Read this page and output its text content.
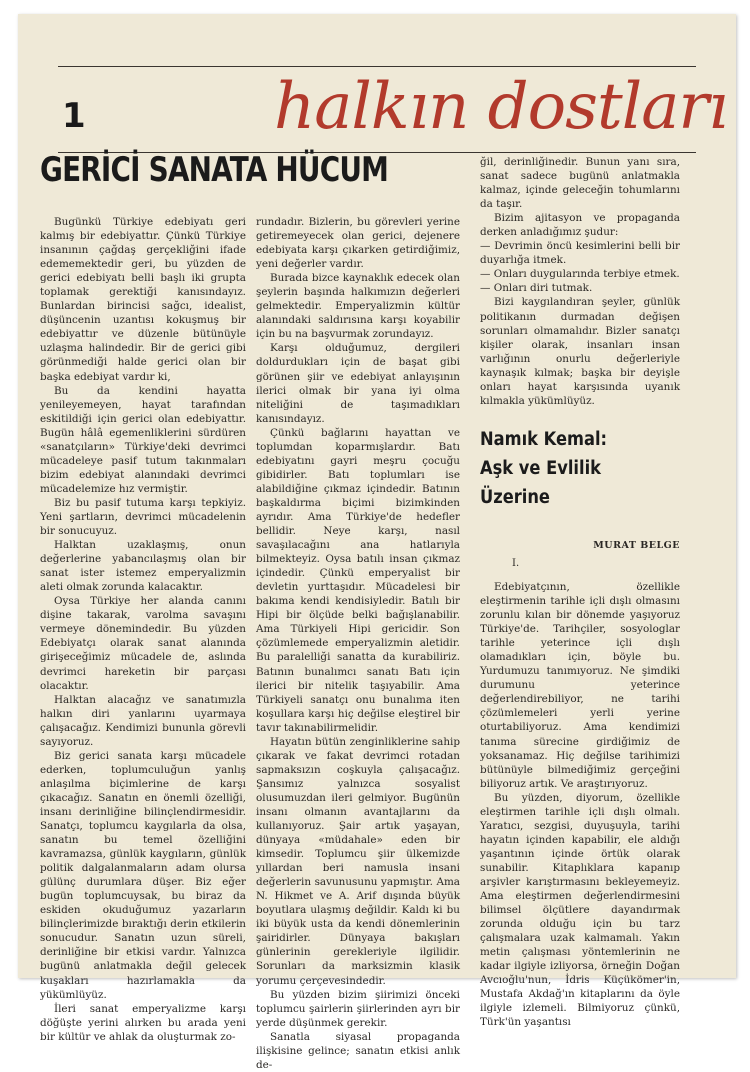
1	halkın dostları
GERİCİ SANATA HÜCUM

Bugünkü Türkiye edebiyatı geri kalmış bir edebiyattır. Çünkü Türkiye insanının çağdaş gerçekliğini ifade edememektedir geri, bu yüzden de gerici edebiyatı belli başlı iki grupta toplamak gerektiği kanısındayız. Bunlardan birincisi sağcı, idealist, düşüncenin uzantısı kokuşmuş bir edebiyattır ve düzenle bütünüyle uzlaşma halindedir. Bir de gerici gibi görünmediği halde gerici olan bir başka edebiyat vardır ki,

Bu da kendini hayatta yenileyemeyen, hayat tarafından eskitildiği için gerici olan edebiyattır. Bugün hâlâ egemenliklerini sürdüren «sanatçıların» Türkiye'deki devrimci mücadeleye pasif tutum takınmaları bizim edebiyat alanındaki devrimci mücadelemize hız vermiştir.

Biz bu pasif tutuma karşı tepkiyiz. Yeni şartların, devrimci mücadelenin bir sonucuyuz.

Halktan uzaklaşmış, onun değerlerine yabancılaşmış olan bir sanat ister istemez emperyalizmin aleti olmak zorunda kalacaktır.

Oysa Türkiye her alanda canını dişine takarak, varolma savaşını vermeye dönemindedir. Bu yüzden Edebiyatçı olarak sanat alanında girişeceğimiz mücadele de, aslında devrimci hareketin bir parçası olacaktır.

Halktan alacağız ve sanatımızla halkın diri yanlarını uyarmaya çalışacağız. Kendimizi bununla görevli sayıyoruz.

Biz gerici sanata karşı mücadele ederken, toplumculuğun yanlış anlaşılma biçimlerine de karşı çıkacağız. Sanatın en önemli özelliği, insanı derinliğine bilinçlendirmesidir. Sanatçı, toplumcu kaygılarla da olsa, sanatın bu temel özelliğini kavramazsa, günlük kaygıların, günlük politik dalgalanmaların adam olursa gülünç durumlara düşer. Biz eğer bugün toplumcuysak, bu biraz da eskiden okuduğumuz yazarların bilinçlerimizde bıraktığı derin etkilerin sonucudur. Sanatın uzun süreli, derinliğine bir etkisi vardır. Yalnızca bugünü anlatmakla değil gelecek kuşakları hazırlamakla da yükümlüyüz.

İleri sanat emperyalizme karşı döğüşte yerini alırken bu arada yeni bir kültür ve ahlak da oluşturmak zo-

rundadır. Bizlerin, bu görevleri yerine getiremeyecek olan gerici, dejenere edebiyata karşı çıkarken getirdiğimiz, yeni değerler vardır.

Burada bizce kaynaklık edecek olan şeylerin başında halkımızın değerleri gelmektedir. Emperyalizmin kültür alanındaki saldırısına karşı koyabilir için bu na başvurmak zorundayız.

Karşı olduğumuz, dergileri doldurdukları için de başat gibi görünen şiir ve edebiyat anlayışının ilerici olmak bir yana iyi olma niteliğini de taşımadıkları kanısındayız.

Çünkü bağlarını hayattan ve toplumdan koparmışlardır. Batı edebiyatını gayri meşru çocuğu gibidirler. Batı toplumları ise alabildiğine çıkmaz içindedir. Batının başkaldırma biçimi bizimkinden ayrıdır. Ama Türkiye'de hedefler bellidir. Neye karşı, nasıl savaşılacağını ana hatlarıyla bilmekteyiz. Oysa batılı insan çıkmaz içindedir. Çünkü emperyalist bir devletin yurttaşıdır. Mücadelesi bir bakıma kendi kendisiyledir. Batılı bir Hipi bir ölçüde belki bağışlanabilir. Ama Türkiyeli Hipi gericidir. Son çözümlemede emperyalizmin aletidir. Bu paralelliği sanatta da kurabiliriz. Batının bunalımcı sanatı Batı için ilerici bir nitelik taşıyabilir. Ama Türkiyeli sanatçı onu bunalıma iten koşullara karşı hiç değilse eleştirel bir tavır takınabilirmelidir.

Hayatın bütün zenginliklerine sahip çıkarak ve fakat devrimci rotadan sapmaksızın coşkuyla çalışacağız. Şansımız yalnızca sosyalist olusumuzdan ileri gelmiyor. Bugünün insanı olmanın avantajlarını da kullanıyoruz. Şair artık yaşayan, dünyaya «müdahale» eden bir kimsedir. Toplumcu şiir ülkemizde yıllardan beri namusla insani değerlerin savunusunu yapmıştır. Ama N. Hikmet ve A. Arif dışında büyük boyutlara ulaşmış değildir. Kaldı ki bu iki büyük usta da kendi dönemlerinin şairidirler. Dünyaya bakışları günlerinin gerekleriyle ilgilidir. Sorunları da marksizmin klasik yorumu çerçevesindedir.

Bu yüzden bizim şiirimizi önceki toplumcu şairlerin şiirlerinden ayrı bir yerde düşünmek gerekir.

Sanatla siyasal propaganda ilişkisine gelince; sanatın etkisi anlık de-

ğil, derinliğinedir. Bunun yanı sıra, sanat sadece bugünü anlatmakla kalmaz, içinde geleceğin tohumlarını da taşır.

Bizim ajitasyon ve propaganda derken anladığımız şudur:
— Devrimin öncü kesimlerini belli bir duyarlığa itmek.
— Onları duygularında terbiye etmek.
— Onları diri tutmak.

Bizi kaygılandıran şeyler, günlük politikanın durmadan değişen sorunları olmamalıdır. Bizler sanatçı kişiler olarak, insanları insan varlığının onurlu değerleriyle kaynaşık kılmak; başka bir deyişle onları hayat karşısında uyanık kılmakla yükümlüyüz.

Namık Kemal:
Aşk ve Evlilik
Üzerine
MURAT BELGE
I.

Edebiyatçının, özellikle eleştirmenin tarihle içli dışlı olmasını zorunlu kılan bir dönemde yaşıyoruz Türkiye'de. Tarihçiler, sosyologlar tarihle yeterince içli dışlı olamadıkları için, böyle bu. Yurdumuzu tanımıyoruz. Ne şimdiki durumunu yeterince değerlendirebiliyor, ne tarihi çözümlemeleri yerli yerine oturtabiliyoruz. Ama kendimizi tanıma sürecine girdiğimiz de yoksanamaz. Hiç değilse tarihimizi bütünüyle bilmediğimiz gerçeğini biliyoruz artık. Ve araştırıyoruz.

Bu yüzden, diyorum, özellikle eleştirmen tarihle içli dışlı olmalı. Yaratıcı, sezgisi, duyuşuyla, tarihi hayatın içinden kapabilir, ele aldığı yaşantının içinde örtük olarak sunabilir. Kitaplıklara kapanıp arşivler karıştırmasını bekleyemeyiz. Ama eleştirmen değerlendirmesini bilimsel ölçütlere dayandırmak zorunda olduğu için bu tarz çalışmalara uzak kalmamalı. Yakın metin çalışması yöntemlerinin ne kadar ilgiyle izliyorsa, örneğin Doğan Avcıoğlu'nun, İdris Küçükömer'in, Mustafa Akdağ'ın kitaplarını da öyle ilgiyle izlemeli. Bilmiyoruz çünkü, Türk'ün yaşantısı
